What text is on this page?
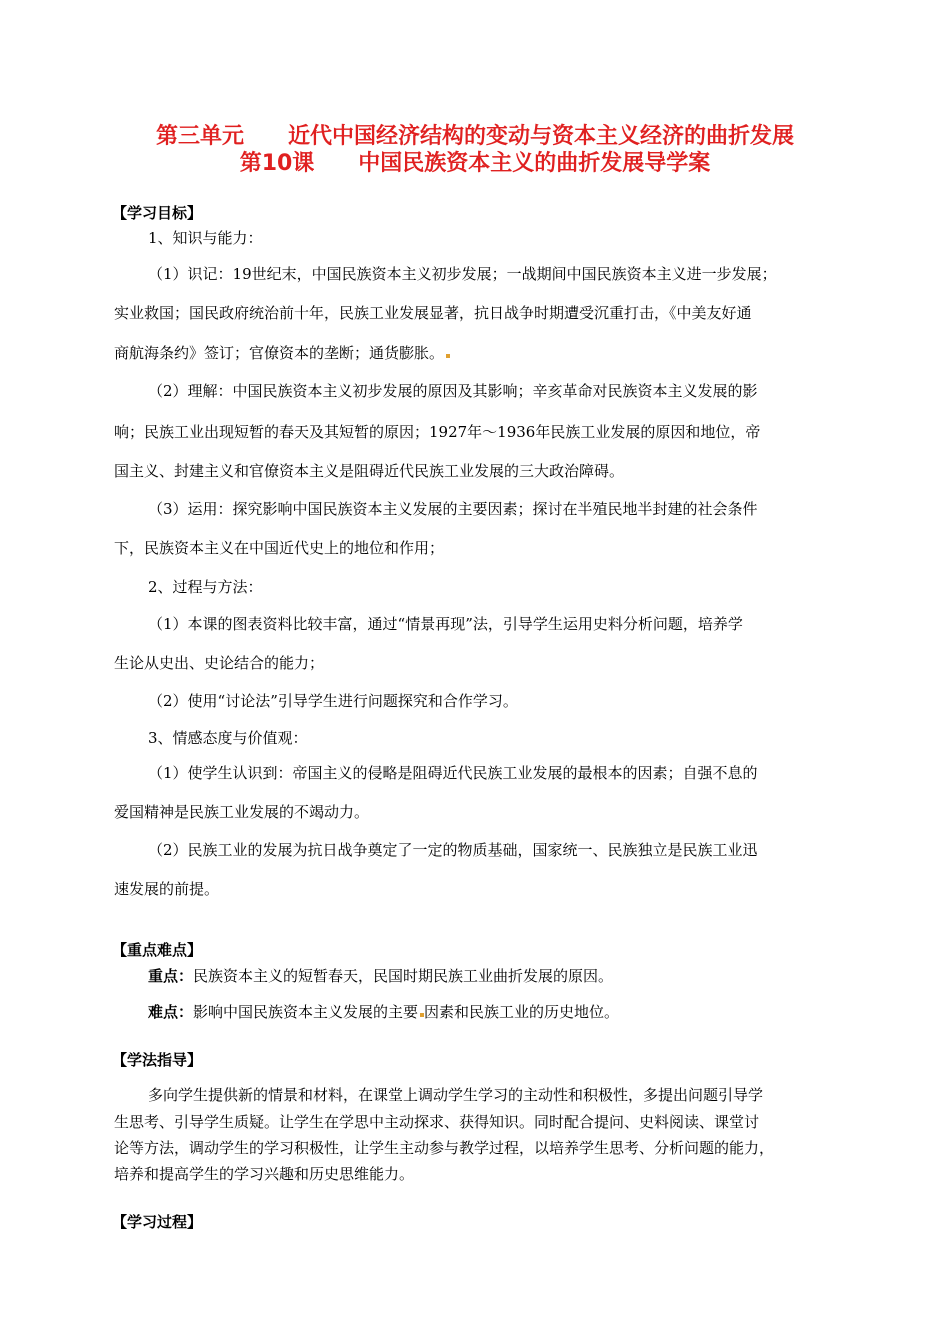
第三单元　　近代中国经济结构的变动与资本主义经济的曲折发展
第10课　　中国民族资本主义的曲折发展导学案
【学习目标】
1、知识与能力：
（1）识记：19世纪末，中国民族资本主义初步发展；一战期间中国民族资本主义进一步发展；
实业救国；国民政府统治前十年，民族工业发展显著，抗日战争时期遭受沉重打击，《中美友好通
商航海条约》签订；官僚资本的垄断；通货膨胀。
（2）理解：中国民族资本主义初步发展的原因及其影响；辛亥革命对民族资本主义发展的影
响；民族工业出现短暂的春天及其短暂的原因；1927年～1936年民族工业发展的原因和地位，帝
国主义、封建主义和官僚资本主义是阻碍近代民族工业发展的三大政治障碍。
（3）运用：探究影响中国民族资本主义发展的主要因素；探讨在半殖民地半封建的社会条件
下，民族资本主义在中国近代史上的地位和作用；
2、过程与方法：
（1）本课的图表资料比较丰富，通过“情景再现”法，引导学生运用史料分析问题，培养学
生论从史出、史论结合的能力；
（2）使用“讨论法”引导学生进行问题探究和合作学习。
3、情感态度与价值观：
（1）使学生认识到：帝国主义的侵略是阻碍近代民族工业发展的最根本的因素；自强不息的
爱国精神是民族工业发展的不竭动力。
（2）民族工业的发展为抗日战争奠定了一定的物质基础，国家统一、民族独立是民族工业迅
速发展的前提。
【重点难点】
重点：民族资本主义的短暂春天，民国时期民族工业曲折发展的原因。
难点：影响中国民族资本主义发展的主要 因素和民族工业的历史地位。
【学法指导】
多向学生提供新的情景和材料，在课堂上调动学生学习的主动性和积极性，多提出问题引导学
生思考、引导学生质疑。让学生在学思中主动探求、获得知识。同时配合提问、史料阅读、课堂讨
论等方法，调动学生的学习积极性，让学生主动参与教学过程，以培养学生思考、分析问题的能力，
培养和提高学生的学习兴趣和历史思维能力。
【学习过程】
